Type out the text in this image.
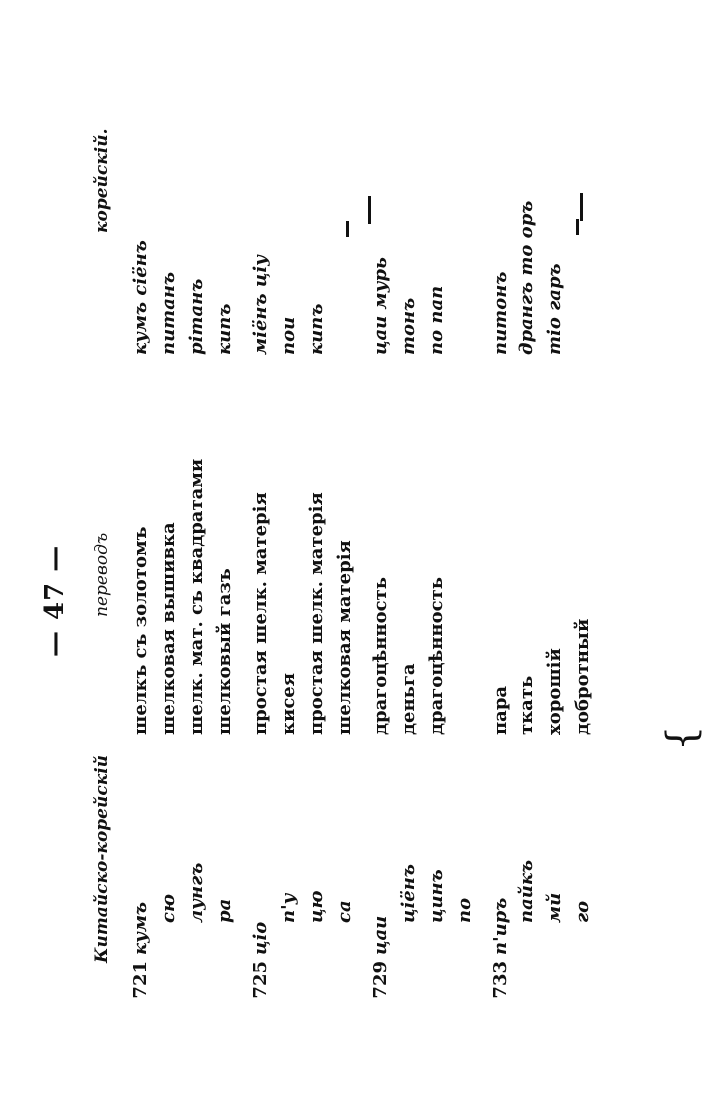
— 47 —
Китайско-корейскій
переводъ
корейскій.
721
кумъ
шелкъ съ золотомъ
кумъ сіёнъ
сю
шелковая вышивка
питанъ
лунгъ
шелк. мат. съ квадратами
рітанъ
ра
шелковый газъ
кипъ
725
ціо
простая шелк. матерія
міёнъ ціу
п'у
кисея
пои
цю
простая шелк. матерія
кипъ
са
шелковая матерія
729
цаи
драгоцѣнность
цаи мурь
ціёнъ
деньга
тонъ
цинъ
драгоцѣнность
по пап
по
733
п'иръ
пара
питонъ
пайкъ
ткать
дрангъ то оръ
мй
хорошій
тіо гаръ
го
добротный
{
